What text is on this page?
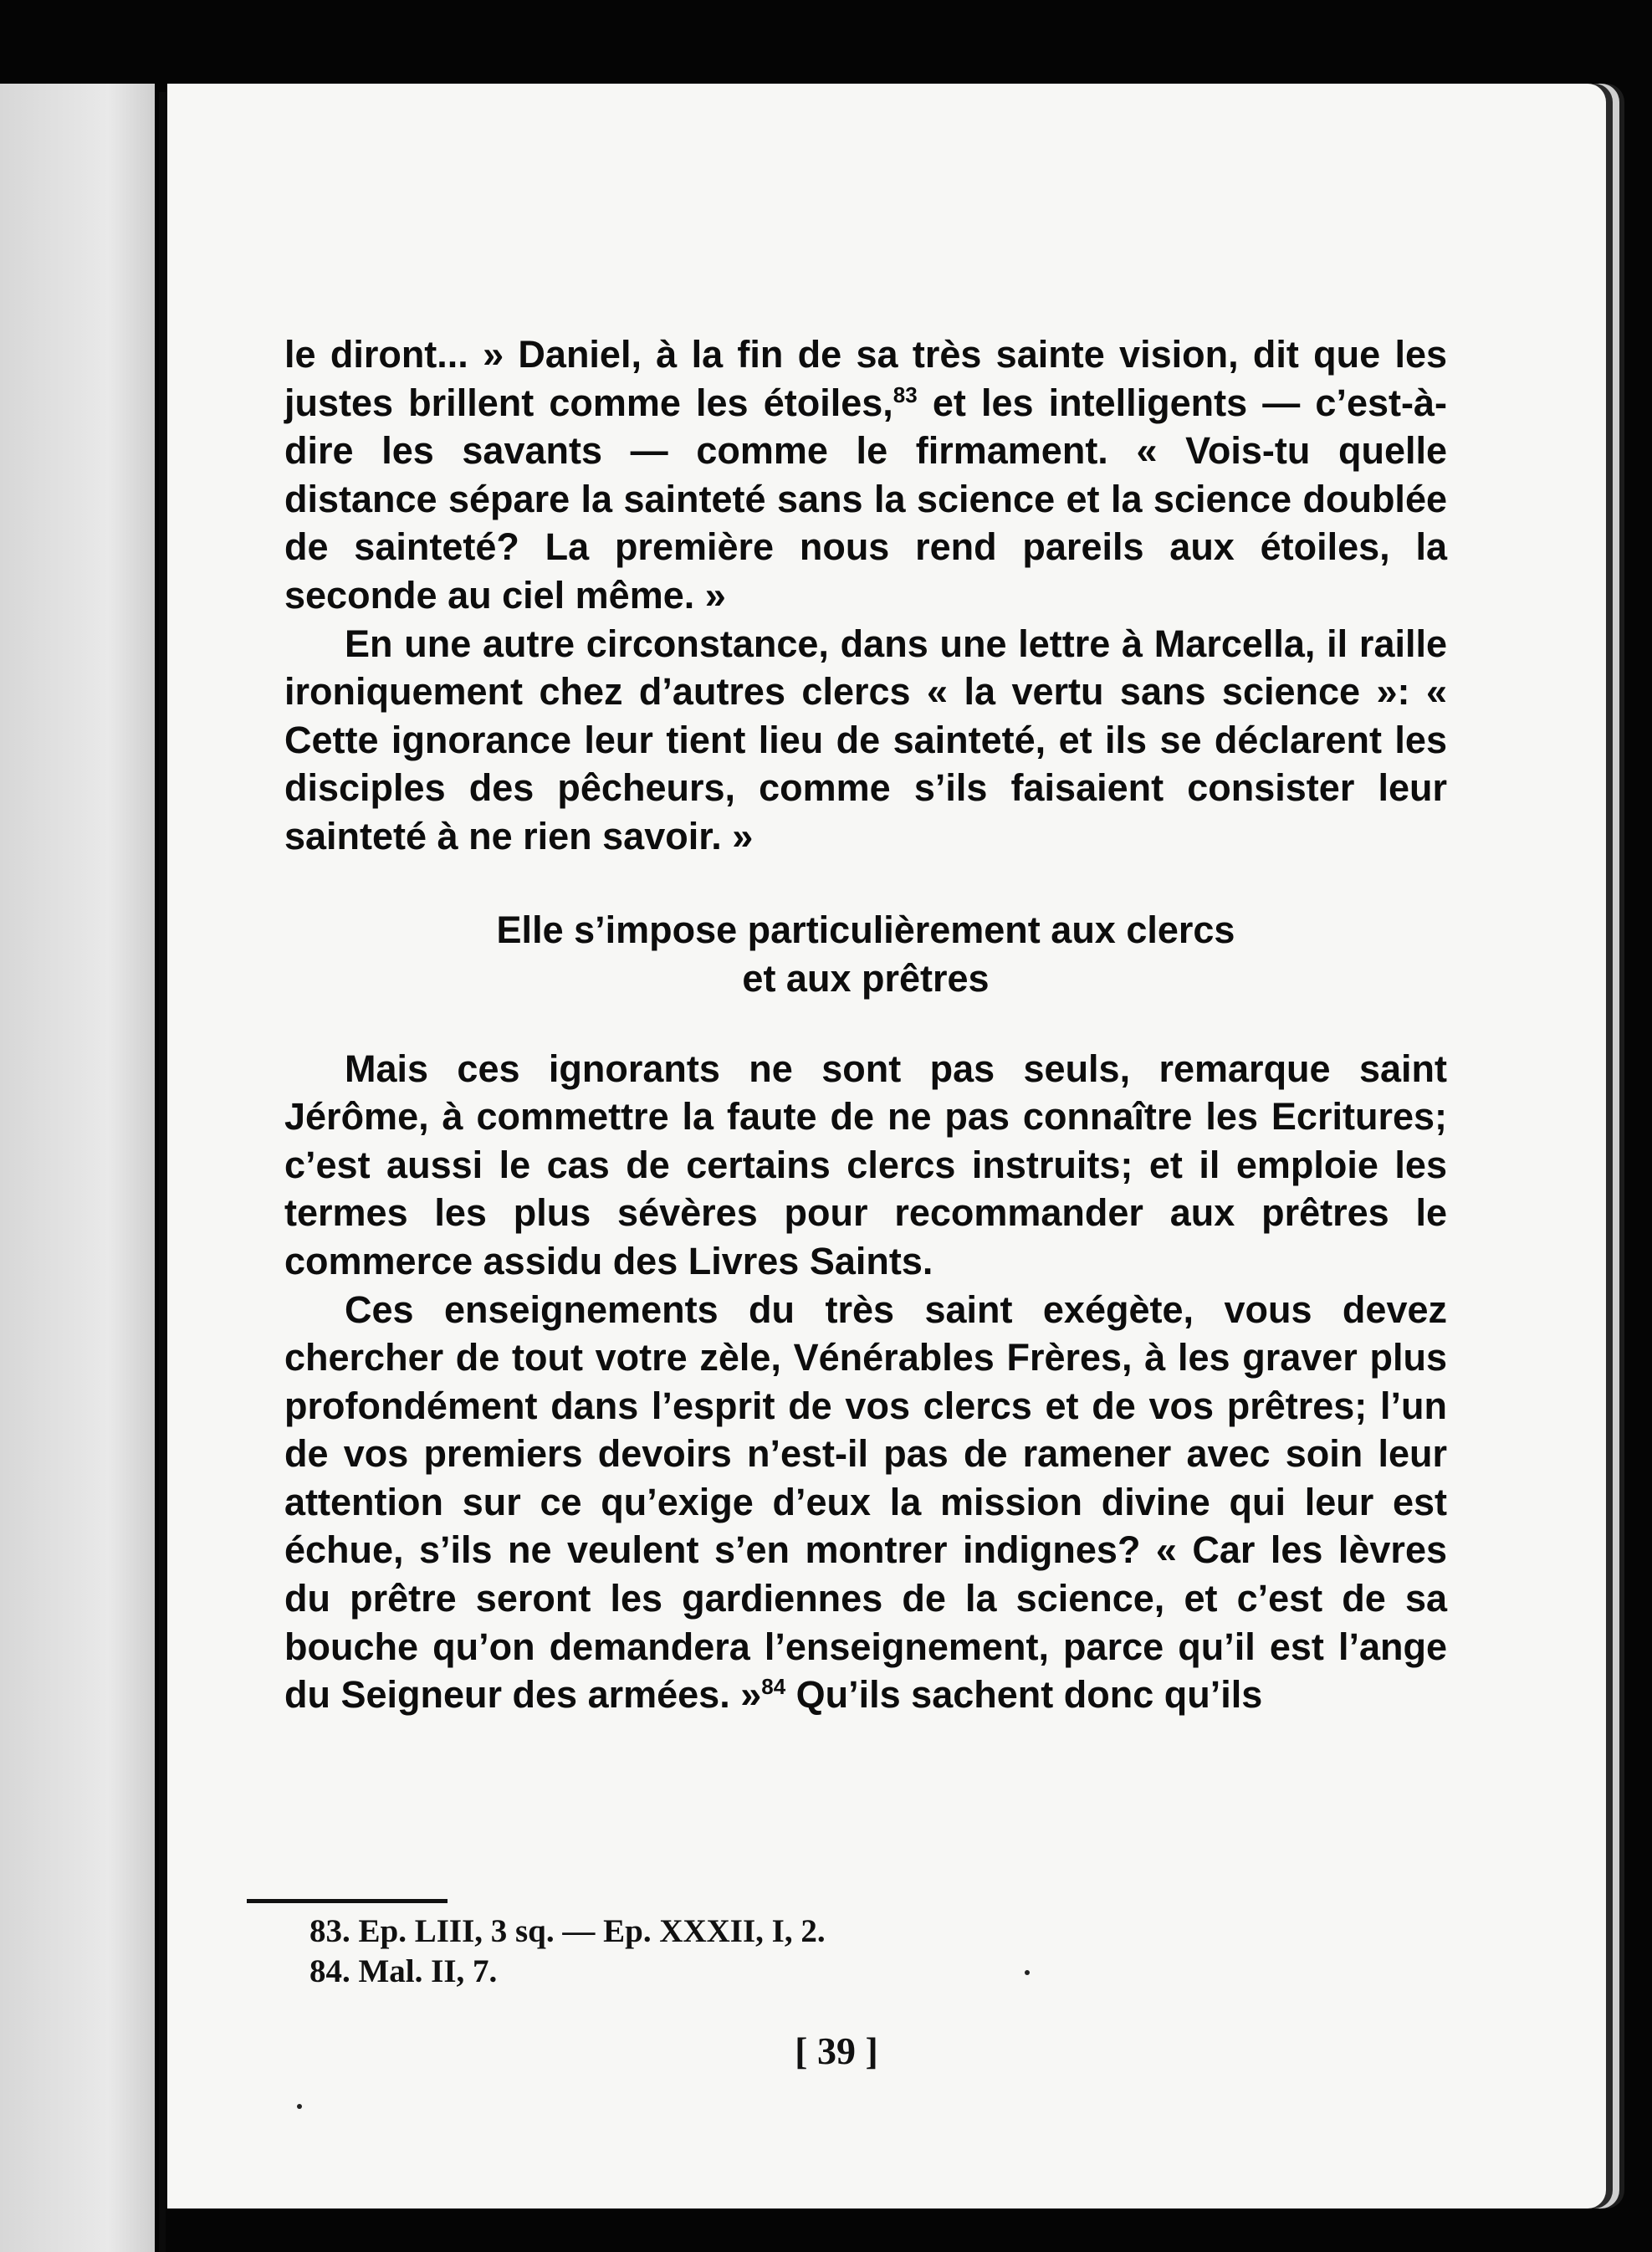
le diront... » Daniel, à la fin de sa très sainte vision, dit que les justes brillent comme les étoiles,$^{83}$ et les intelligents — c’est-à-dire les savants — comme le firmament. « Vois-tu quelle distance sépare la sainteté sans la science et la science doublée de sainteté? La première nous rend pareils aux étoiles, la seconde au ciel même. »

En une autre circonstance, dans une lettre à Marcella, il raille ironiquement chez d’autres clercs « la vertu sans science »: « Cette ignorance leur tient lieu de sainteté, et ils se déclarent les disciples des pêcheurs, comme s’ils faisaient consister leur sainteté à ne rien savoir. »

Elle s’impose particulièrement aux clercs
et aux prêtres

Mais ces ignorants ne sont pas seuls, remarque saint Jérôme, à commettre la faute de ne pas connaître les Ecritures; c’est aussi le cas de certains clercs instruits; et il emploie les termes les plus sévères pour recommander aux prêtres le commerce assidu des Livres Saints.

Ces enseignements du très saint exégète, vous devez chercher de tout votre zèle, Vénérables Frères, à les graver plus profondément dans l’esprit de vos clercs et de vos prêtres; l’un de vos premiers devoirs n’est-il pas de ramener avec soin leur attention sur ce qu’exige d’eux la mission divine qui leur est échue, s’ils ne veulent s’en montrer indignes? « Car les lèvres du prêtre seront les gardiennes de la science, et c’est de sa bouche qu’on demandera l’enseignement, parce qu’il est l’ange du Seigneur des armées. »$^{84}$ Qu’ils sachent donc qu’ils

83. Ep. LIII, 3 sq. — Ep. XXXII, I, 2.
84. Mal. II, 7.
[ 39 ]
